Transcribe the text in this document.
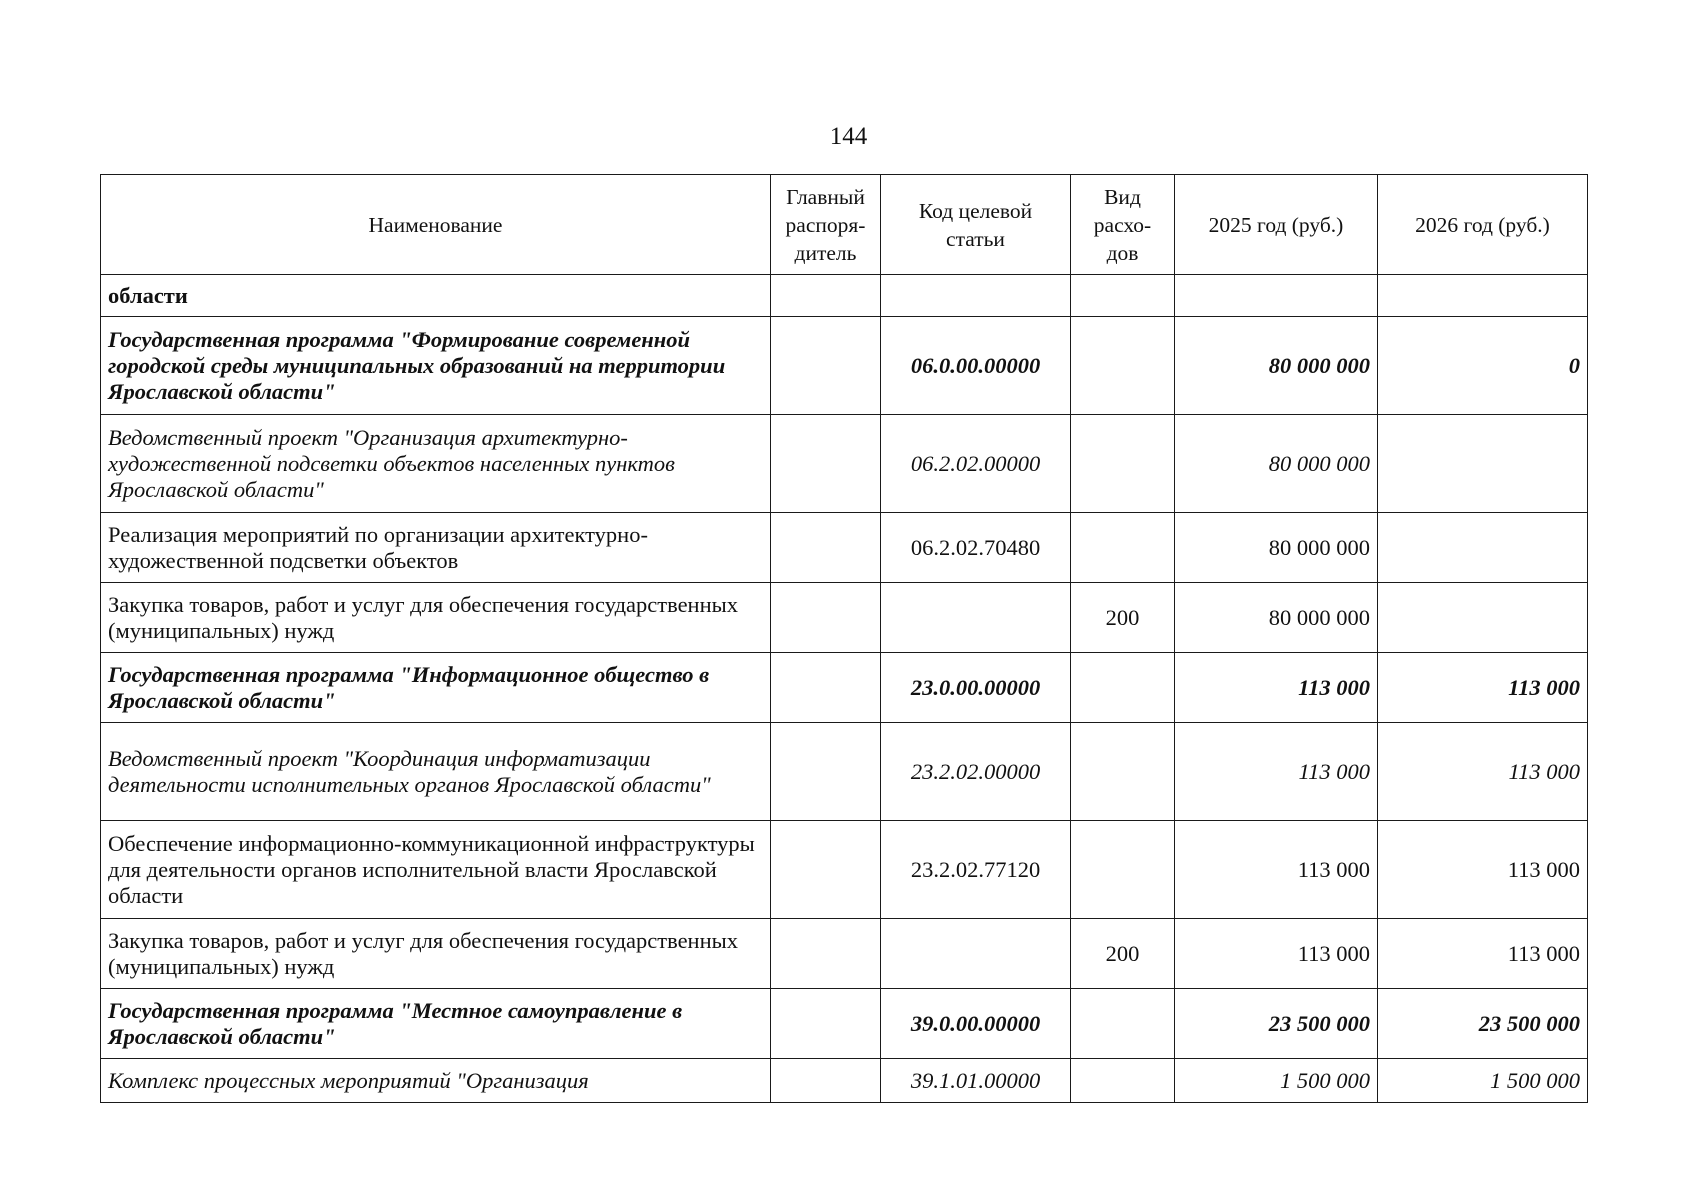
144
Наименование	Главный распоря-дитель	Код целевой статьи	Вид расхо-дов	2025 год (руб.)	2026 год (руб.)
области					
Государственная программа "Формирование современной городской среды муниципальных образований на территории Ярославской области"		06.0.00.00000		80 000 000	0
Ведомственный проект "Организация архитектурно-художественной подсветки объектов населенных пунктов Ярославской области"		06.2.02.00000		80 000 000	
Реализация мероприятий по организации архитектурно-художественной подсветки объектов		06.2.02.70480		80 000 000	
Закупка товаров, работ и услуг для обеспечения государственных (муниципальных) нужд			200	80 000 000	
Государственная программа "Информационное общество в Ярославской области"		23.0.00.00000		113 000	113 000
Ведомственный проект "Координация информатизации деятельности исполнительных органов Ярославской области"		23.2.02.00000		113 000	113 000
Обеспечение информационно-коммуникационной инфраструктуры для деятельности органов исполнительной власти Ярославской области		23.2.02.77120		113 000	113 000
Закупка товаров, работ и услуг для обеспечения государственных (муниципальных) нужд			200	113 000	113 000
Государственная программа "Местное самоуправление в Ярославской области"		39.0.00.00000		23 500 000	23 500 000
Комплекс процессных мероприятий "Организация		39.1.01.00000		1 500 000	1 500 000
